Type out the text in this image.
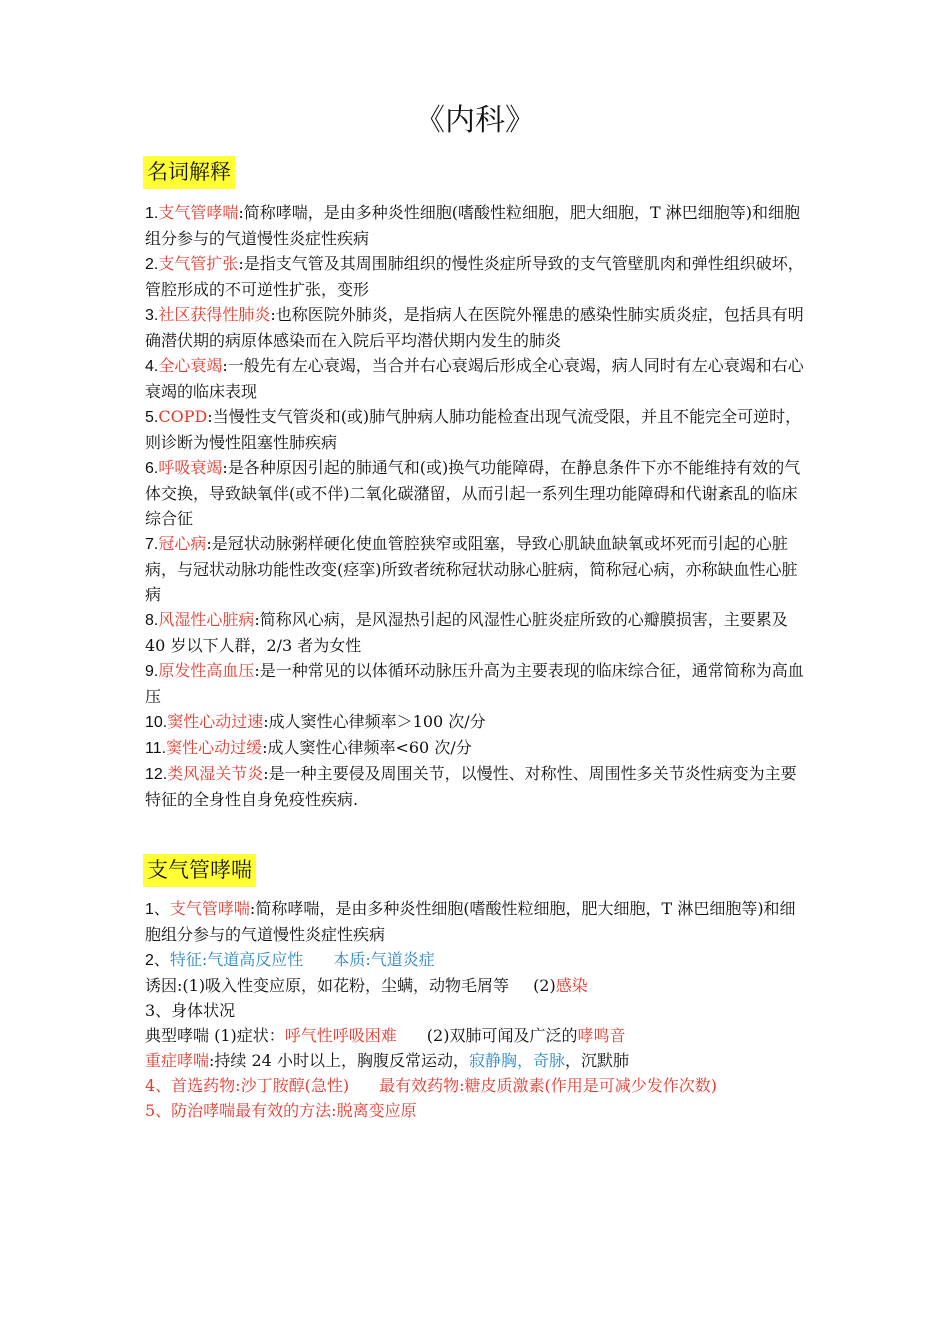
《内科》
名词解释

1.支气管哮喘:简称哮喘，是由多种炎性细胞(嗜酸性粒细胞，肥大细胞，T 淋巴细胞等)和细胞组分参与的气道慢性炎症性疾病

2.支气管扩张:是指支气管及其周围肺组织的慢性炎症所导致的支气管壁肌肉和弹性组织破坏，管腔形成的不可逆性扩张，变形

3.社区获得性肺炎:也称医院外肺炎，是指病人在医院外罹患的感染性肺实质炎症，包括具有明确潜伏期的病原体感染而在入院后平均潜伏期内发生的肺炎

4.全心衰竭:一般先有左心衰竭，当合并右心衰竭后形成全心衰竭，病人同时有左心衰竭和右心衰竭的临床表现

5.COPD:当慢性支气管炎和(或)肺气肿病人肺功能检查出现气流受限，并且不能完全可逆时，则诊断为慢性阻塞性肺疾病

6.呼吸衰竭:是各种原因引起的肺通气和(或)换气功能障碍，在静息条件下亦不能维持有效的气体交换，导致缺氧伴(或不伴)二氧化碳潴留，从而引起一系列生理功能障碍和代谢紊乱的临床综合征

7.冠心病:是冠状动脉粥样硬化使血管腔狭窄或阻塞，导致心肌缺血缺氧或坏死而引起的心脏病，与冠状动脉功能性改变(痉挛)所致者统称冠状动脉心脏病，简称冠心病，亦称缺血性心脏病

8.风湿性心脏病:简称风心病，是风湿热引起的风湿性心脏炎症所致的心瓣膜损害，主要累及 40 岁以下人群，2/3 者为女性

9.原发性高血压:是一种常见的以体循环动脉压升高为主要表现的临床综合征，通常简称为高血压

10.窦性心动过速:成人窦性心律频率＞100 次/分

11.窦性心动过缓:成人窦性心律频率<60 次/分

12.类风湿关节炎:是一种主要侵及周围关节，以慢性、对称性、周围性多关节炎性病变为主要特征的全身性自身免疫性疾病.

支气管哮喘

1、支气管哮喘:简称哮喘，是由多种炎性细胞(嗜酸性粒细胞，肥大细胞，T 淋巴细胞等)和细胞组分参与的气道慢性炎症性疾病

2、特征:气道高反应性 本质:气道炎症

诱因:(1)吸入性变应原，如花粉，尘螨，动物毛屑等 (2)感染

3、身体状况

典型哮喘 (1)症状：呼气性呼吸困难 (2)双肺可闻及广泛的哮鸣音

重症哮喘:持续 24 小时以上，胸腹反常运动，寂静胸，奇脉，沉默肺

4、首选药物:沙丁胺醇(急性) 最有效药物:糖皮质激素(作用是可减少发作次数)

5、防治哮喘最有效的方法:脱离变应原
